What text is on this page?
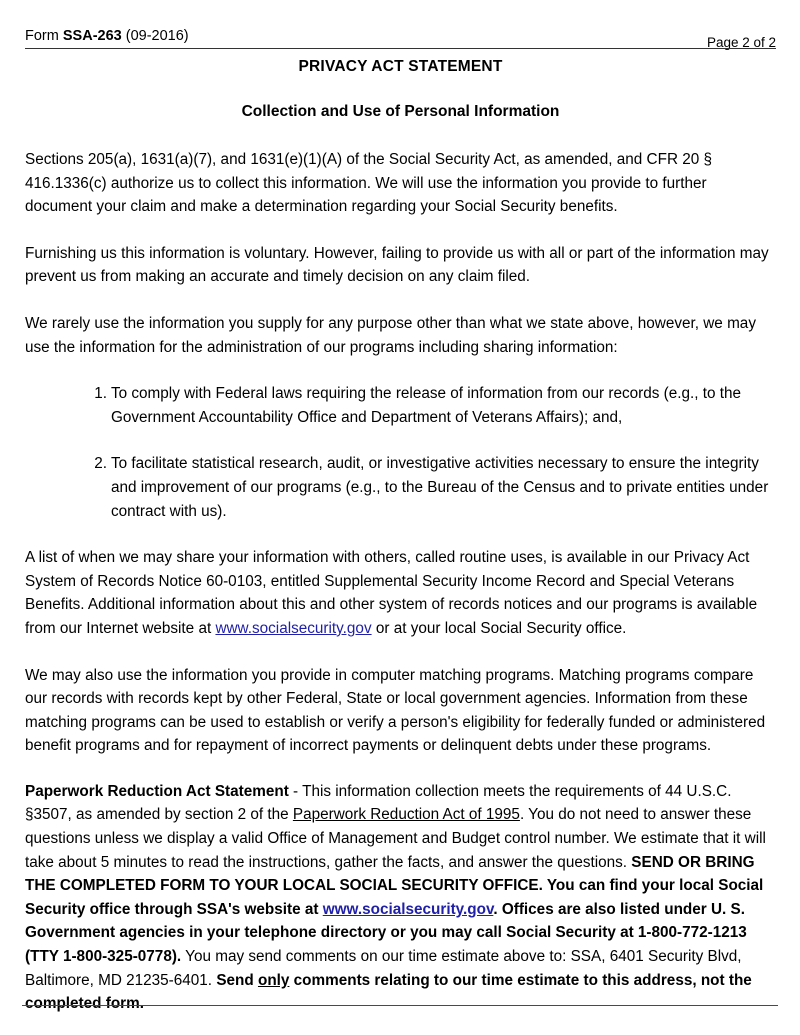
Form SSA-263 (09-2016)	Page 2 of 2
PRIVACY ACT STATEMENT
Collection and Use of Personal Information

Sections 205(a), 1631(a)(7), and 1631(e)(1)(A) of the Social Security Act, as amended, and CFR 20 § 416.1336(c) authorize us to collect this information. We will use the information you provide to further document your claim and make a determination regarding your Social Security benefits.

Furnishing us this information is voluntary. However, failing to provide us with all or part of the information may prevent us from making an accurate and timely decision on any claim filed.

We rarely use the information you supply for any purpose other than what we state above, however, we may use the information for the administration of our programs including sharing information:

1. To comply with Federal laws requiring the release of information from our records (e.g., to the Government Accountability Office and Department of Veterans Affairs); and,
2. To facilitate statistical research, audit, or investigative activities necessary to ensure the integrity and improvement of our programs (e.g., to the Bureau of the Census and to private entities under contract with us).

A list of when we may share your information with others, called routine uses, is available in our Privacy Act System of Records Notice 60-0103, entitled Supplemental Security Income Record and Special Veterans Benefits. Additional information about this and other system of records notices and our programs is available from our Internet website at www.socialsecurity.gov or at your local Social Security office.

We may also use the information you provide in computer matching programs. Matching programs compare our records with records kept by other Federal, State or local government agencies. Information from these matching programs can be used to establish or verify a person's eligibility for federally funded or administered benefit programs and for repayment of incorrect payments or delinquent debts under these programs.

Paperwork Reduction Act Statement - This information collection meets the requirements of 44 U.S.C. §3507, as amended by section 2 of the Paperwork Reduction Act of 1995. You do not need to answer these questions unless we display a valid Office of Management and Budget control number. We estimate that it will take about 5 minutes to read the instructions, gather the facts, and answer the questions. SEND OR BRING THE COMPLETED FORM TO YOUR LOCAL SOCIAL SECURITY OFFICE. You can find your local Social Security office through SSA's website at www.socialsecurity.gov. Offices are also listed under U. S. Government agencies in your telephone directory or you may call Social Security at 1-800-772-1213 (TTY 1-800-325-0778). You may send comments on our time estimate above to: SSA, 6401 Security Blvd, Baltimore, MD 21235-6401. Send only comments relating to our time estimate to this address, not the completed form.
